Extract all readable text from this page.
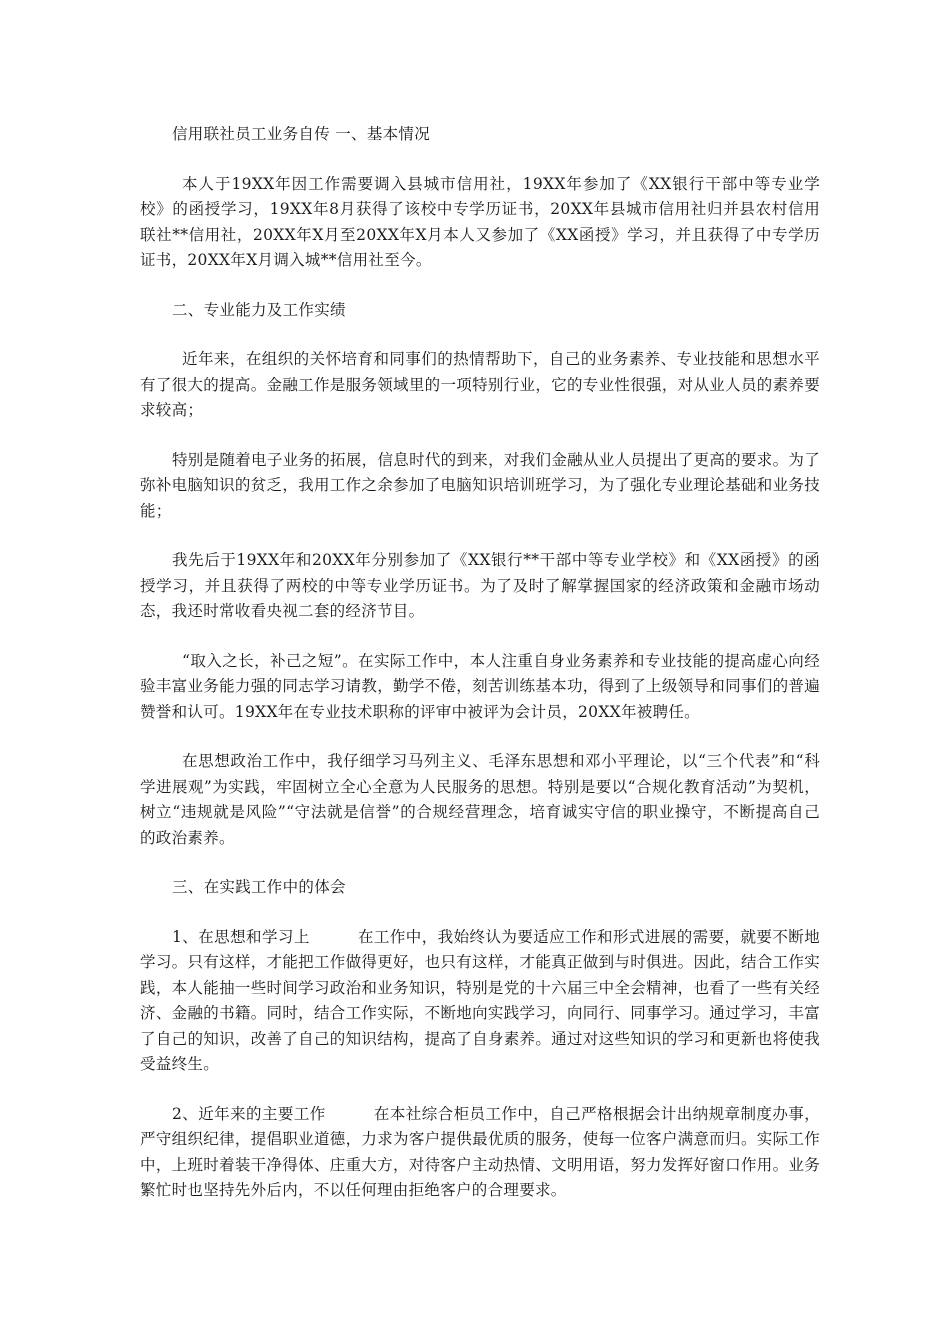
信用联社员工业务自传 一、基本情况

本人于19XX年因工作需要调入县城市信用社，19XX年参加了《XX银行干部中等专业学校》的函授学习，19XX年8月获得了该校中专学历证书，20XX年县城市信用社归并县农村信用联社**信用社，20XX年X月至20XX年X月本人又参加了《XX函授》学习，并且获得了中专学历证书，20XX年X月调入城**信用社至今。

二、专业能力及工作实绩

近年来，在组织的关怀培育和同事们的热情帮助下，自己的业务素养、专业技能和思想水平有了很大的提高。金融工作是服务领域里的一项特别行业，它的专业性很强，对从业人员的素养要求较高；

特别是随着电子业务的拓展，信息时代的到来，对我们金融从业人员提出了更高的要求。为了弥补电脑知识的贫乏，我用工作之余参加了电脑知识培训班学习，为了强化专业理论基础和业务技能；

我先后于19XX年和20XX年分别参加了《XX银行**干部中等专业学校》和《XX函授》的函授学习，并且获得了两校的中等专业学历证书。为了及时了解掌握国家的经济政策和金融市场动态，我还时常收看央视二套的经济节目。

“取入之长，补己之短”。在实际工作中，本人注重自身业务素养和专业技能的提高虚心向经验丰富业务能力强的同志学习请教，勤学不倦，刻苦训练基本功，得到了上级领导和同事们的普遍赞誉和认可。19XX年在专业技术职称的评审中被评为会计员，20XX年被聘任。

在思想政治工作中，我仔细学习马列主义、毛泽东思想和邓小平理论，以“三个代表”和“科学进展观”为实践，牢固树立全心全意为人民服务的思想。特别是要以“合规化教育活动”为契机，树立“违规就是风险”“守法就是信誉”的合规经营理念，培育诚实守信的职业操守，不断提高自己的政治素养。

三、在实践工作中的体会

1、在思想和学习上	在工作中，我始终认为要适应工作和形式进展的需要，就要不断地学习。只有这样，才能把工作做得更好，也只有这样，才能真正做到与时俱进。因此，结合工作实践，本人能抽一些时间学习政治和业务知识，特别是党的十六届三中全会精神，也看了一些有关经济、金融的书籍。同时，结合工作实际，不断地向实践学习，向同行、同事学习。通过学习，丰富了自己的知识，改善了自己的知识结构，提高了自身素养。通过对这些知识的学习和更新也将使我受益终生。

2、近年来的主要工作	在本社综合柜员工作中，自己严格根据会计出纳规章制度办事，严守组织纪律，提倡职业道德，力求为客户提供最优质的服务，使每一位客户满意而归。实际工作中，上班时着装干净得体、庄重大方，对待客户主动热情、文明用语，努力发挥好窗口作用。业务繁忙时也坚持先外后内，不以任何理由拒绝客户的合理要求。
